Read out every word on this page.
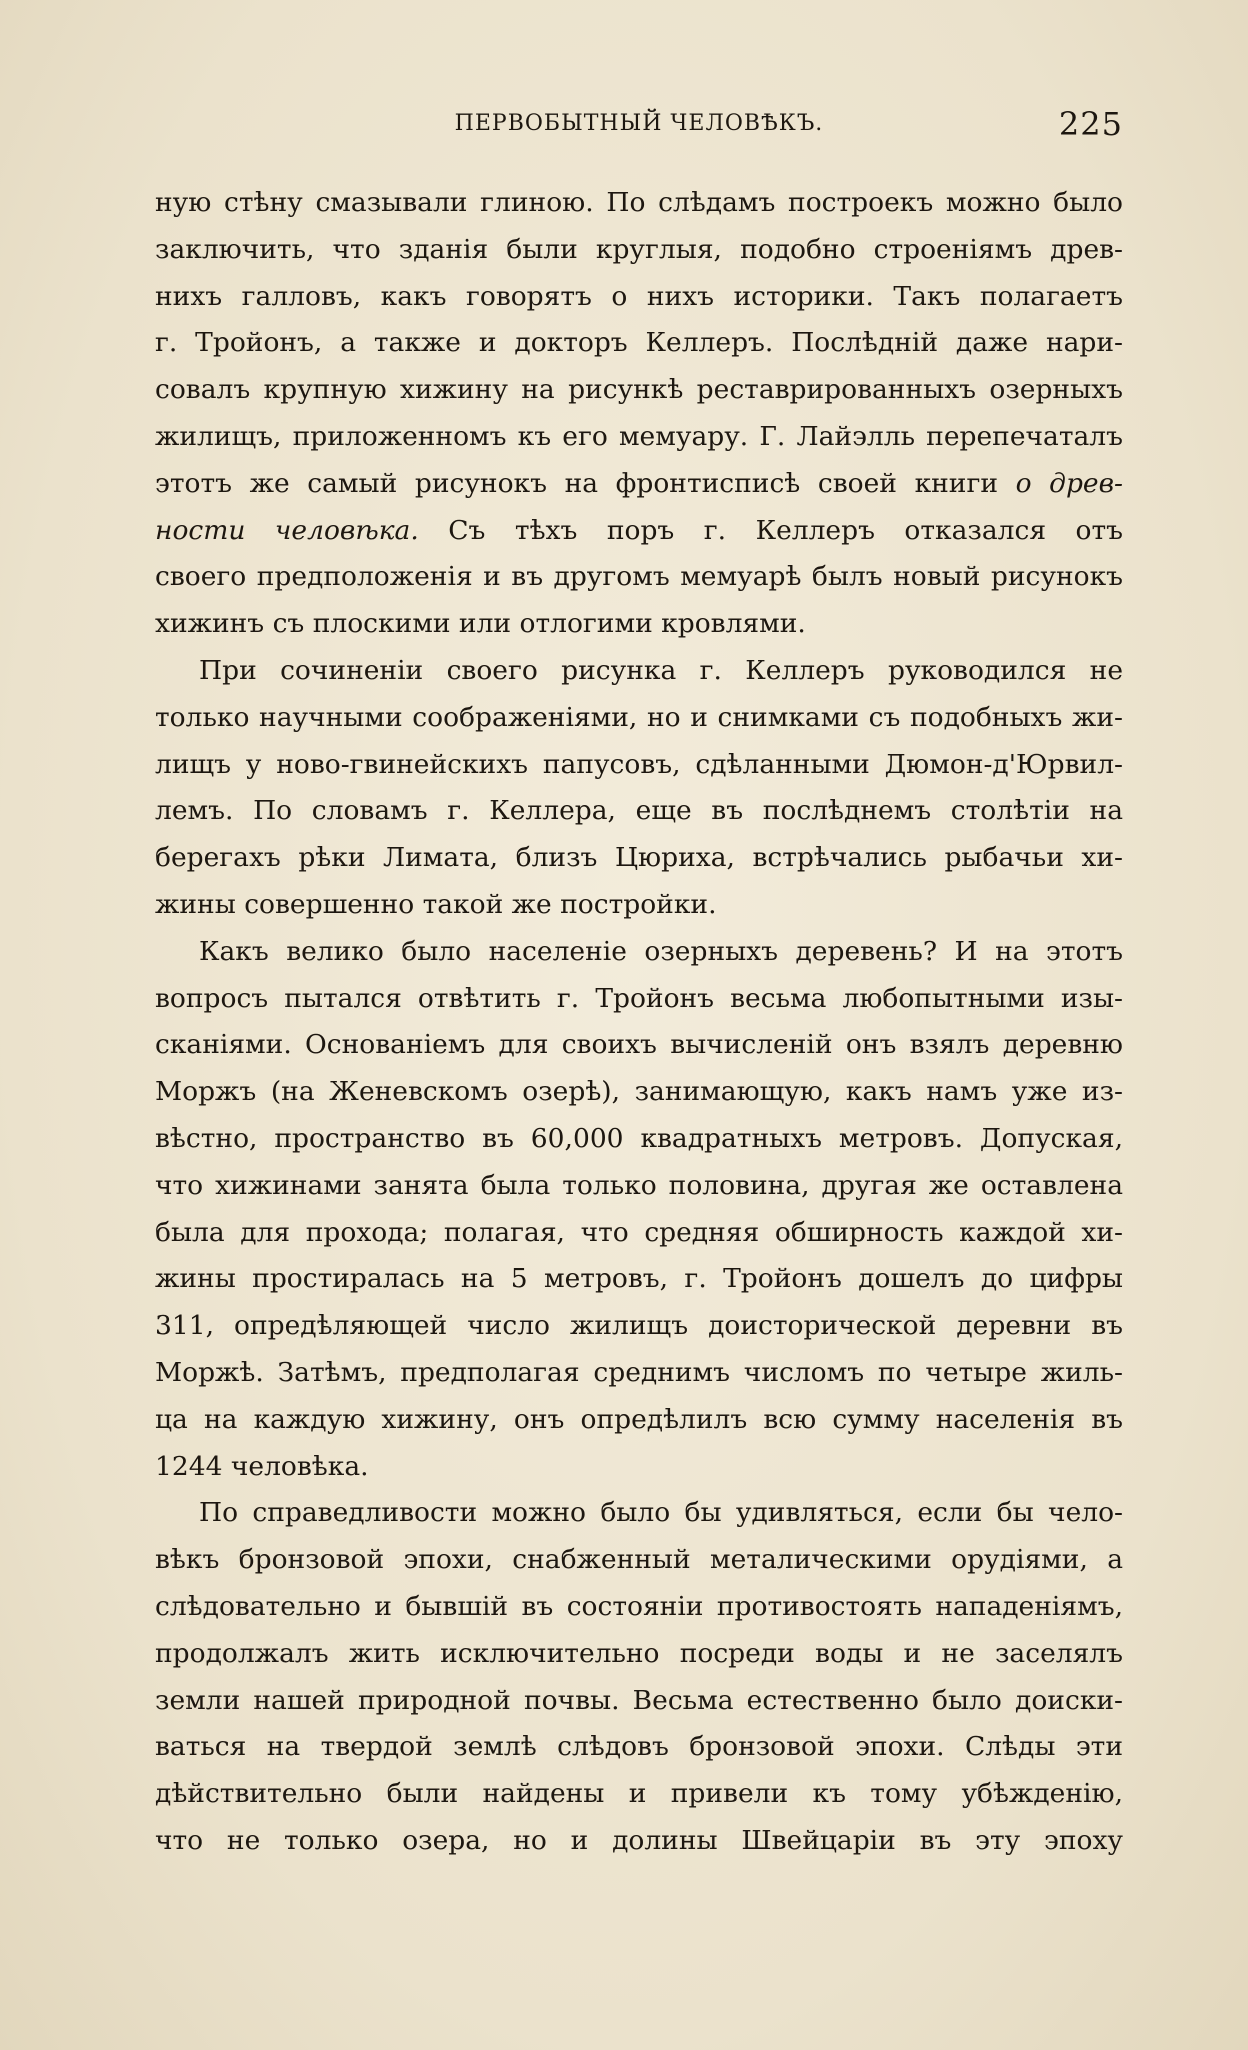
ПЕРВОБЫТНЫЙ ЧЕЛОВѢКЪ.	225
ную стѣну смазывали глиною. По слѣдамъ построекъ можно было
заключить, что зданія были круглыя, подобно строеніямъ древ-
нихъ галловъ, какъ говорятъ о нихъ историки. Такъ полагаетъ
г. Тройонъ, а также и докторъ Келлеръ. Послѣдній даже нари-
совалъ крупную хижину на рисункѣ реставрированныхъ озерныхъ
жилищъ, приложенномъ къ его мемуару. Г. Лайэлль перепечаталъ
этотъ же самый рисунокъ на фронтисписѣ своей книги о древ-
ности человѣка. Съ тѣхъ поръ г. Келлеръ отказался отъ
своего предположенія и въ другомъ мемуарѣ былъ новый рисунокъ
хижинъ съ плоскими или отлогими кровлями.
При сочиненіи своего рисунка г. Келлеръ руководился не
только научными соображеніями, но и снимками съ подобныхъ жи-
лищъ у ново-гвинейскихъ папусовъ, сдѣланными Дюмон-д'Юрвил-
лемъ. По словамъ г. Келлера, еще въ послѣднемъ столѣтіи на
берегахъ рѣки Лимата, близъ Цюриха, встрѣчались рыбачьи хи-
жины совершенно такой же постройки.
Какъ велико было населеніе озерныхъ деревень? И на этотъ
вопросъ пытался отвѣтить г. Тройонъ весьма любопытными изы-
сканіями. Основаніемъ для своихъ вычисленій онъ взялъ деревню
Моржъ (на Женевскомъ озерѣ), занимающую, какъ намъ уже из-
вѣстно, пространство въ 60,000 квадратныхъ метровъ. Допуская,
что хижинами занята была только половина, другая же оставлена
была для прохода; полагая, что средняя обширность каждой хи-
жины простиралась на 5 метровъ, г. Тройонъ дошелъ до цифры
311, опредѣляющей число жилищъ доисторической деревни въ
Моржѣ. Затѣмъ, предполагая среднимъ числомъ по четыре жиль-
ца на каждую хижину, онъ опредѣлилъ всю сумму населенія въ
1244 человѣка.
По справедливости можно было бы удивляться, если бы чело-
вѣкъ бронзовой эпохи, снабженный металическими орудіями, а
слѣдовательно и бывшій въ состояніи противостоять нападеніямъ,
продолжалъ жить исключительно посреди воды и не заселялъ
земли нашей природной почвы. Весьма естественно было доиски-
ваться на твердой землѣ слѣдовъ бронзовой эпохи. Слѣды эти
дѣйствительно были найдены и привели къ тому убѣжденію,
что не только озера, но и долины Швейцаріи въ эту эпоху
